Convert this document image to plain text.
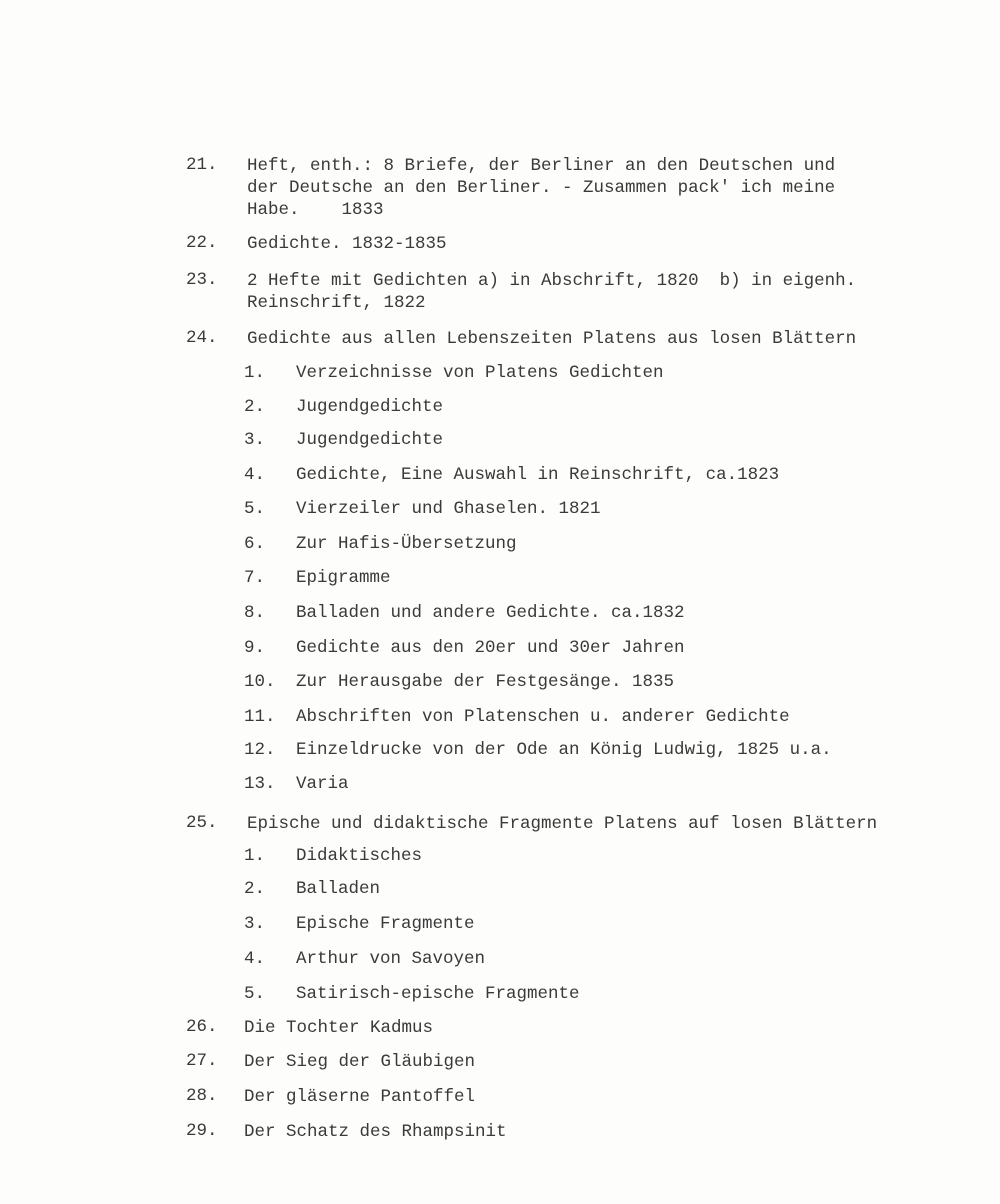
21. Heft, enth.: 8 Briefe, der Berliner an den Deutschen und
der Deutsche an den Berliner. - Zusammen pack' ich meine
Habe.    1833
22. Gedichte. 1832-1835
23. 2 Hefte mit Gedichten a) in Abschrift, 1820  b) in eigenh.
Reinschrift, 1822
24. Gedichte aus allen Lebenszeiten Platens aus losen Blättern
1. Verzeichnisse von Platens Gedichten
2. Jugendgedichte
3. Jugendgedichte
4. Gedichte, Eine Auswahl in Reinschrift, ca.1823
5. Vierzeiler und Ghaselen. 1821
6. Zur Hafis-Übersetzung
7. Epigramme
8. Balladen und andere Gedichte. ca.1832
9. Gedichte aus den 20er und 30er Jahren
10. Zur Herausgabe der Festgesänge. 1835
11. Abschriften von Platenschen u. anderer Gedichte
12. Einzeldrucke von der Ode an König Ludwig, 1825 u.a.
13. Varia
25. Epische und didaktische Fragmente Platens auf losen Blättern
1. Didaktisches
2. Balladen
3. Epische Fragmente
4. Arthur von Savoyen
5. Satirisch-epische Fragmente
26. Die Tochter Kadmus
27. Der Sieg der Gläubigen
28. Der gläserne Pantoffel
29. Der Schatz des Rhampsinit
